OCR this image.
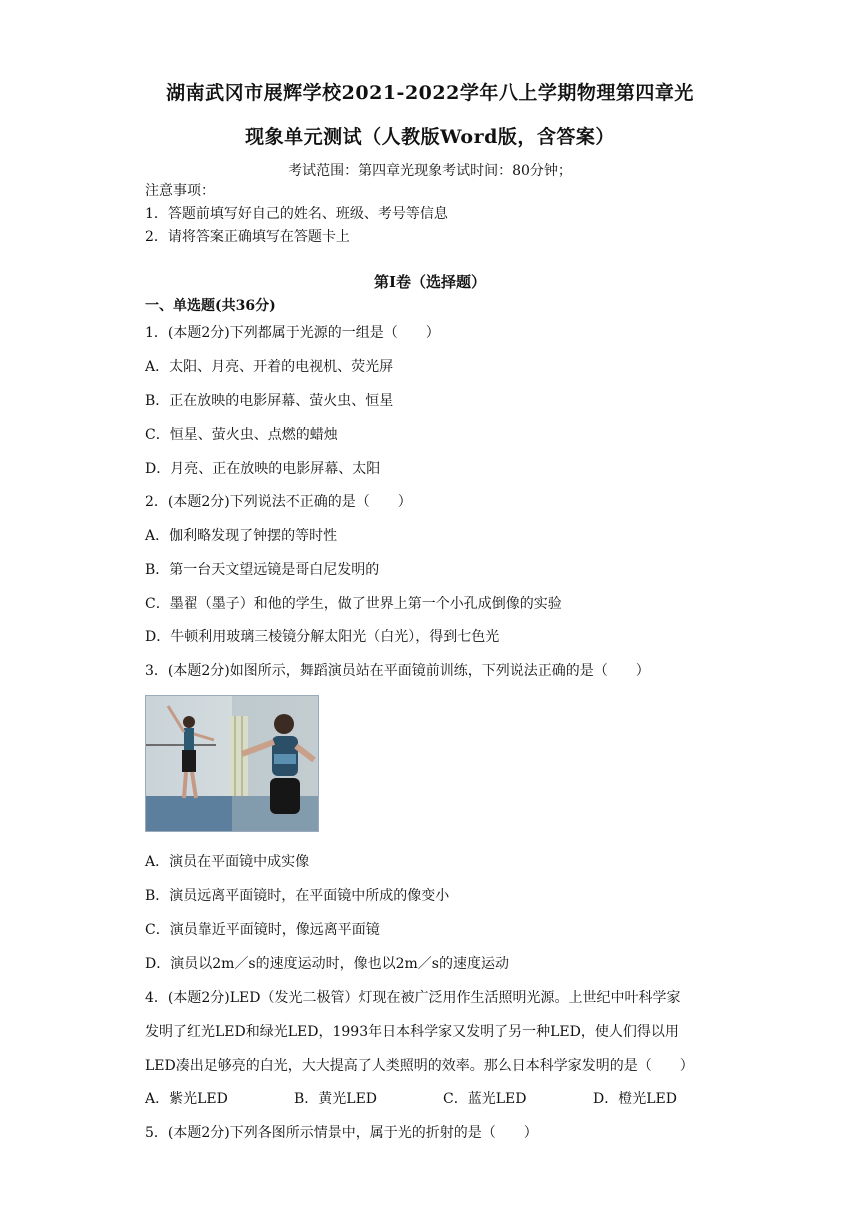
湖南武冈市展辉学校2021-2022学年八上学期物理第四章光
现象单元测试（人教版Word版，含答案）
考试范围：第四章光现象考试时间：80分钟；
注意事项：
1．答题前填写好自己的姓名、班级、考号等信息
2．请将答案正确填写在答题卡上
第Ⅰ卷（选择题）
一、单选题(共36分)
1．(本题2分)下列都属于光源的一组是（　　）
A．太阳、月亮、开着的电视机、荧光屏
B．正在放映的电影屏幕、萤火虫、恒星
C．恒星、萤火虫、点燃的蜡烛
D．月亮、正在放映的电影屏幕、太阳
2．(本题2分)下列说法不正确的是（　　）
A．伽利略发现了钟摆的等时性
B．第一台天文望远镜是哥白尼发明的
C．墨翟（墨子）和他的学生，做了世界上第一个小孔成倒像的实验
D．牛顿利用玻璃三棱镜分解太阳光（白光），得到七色光
3．(本题2分)如图所示，舞蹈演员站在平面镜前训练，下列说法正确的是（　　）
A．演员在平面镜中成实像
B．演员远离平面镜时，在平面镜中所成的像变小
C．演员靠近平面镜时，像远离平面镜
D．演员以2m／s的速度运动时，像也以2m／s的速度运动
4．(本题2分)LED（发光二极管）灯现在被广泛用作生活照明光源。上世纪中叶科学家
发明了红光LED和绿光LED，1993年日本科学家又发明了另一种LED，使人们得以用
LED凑出足够亮的白光，大大提高了人类照明的效率。那么日本科学家发明的是（　　）
A．紫光LED	B．黄光LED	C．蓝光LED	D．橙光LED
5．(本题2分)下列各图所示情景中，属于光的折射的是（　　）
